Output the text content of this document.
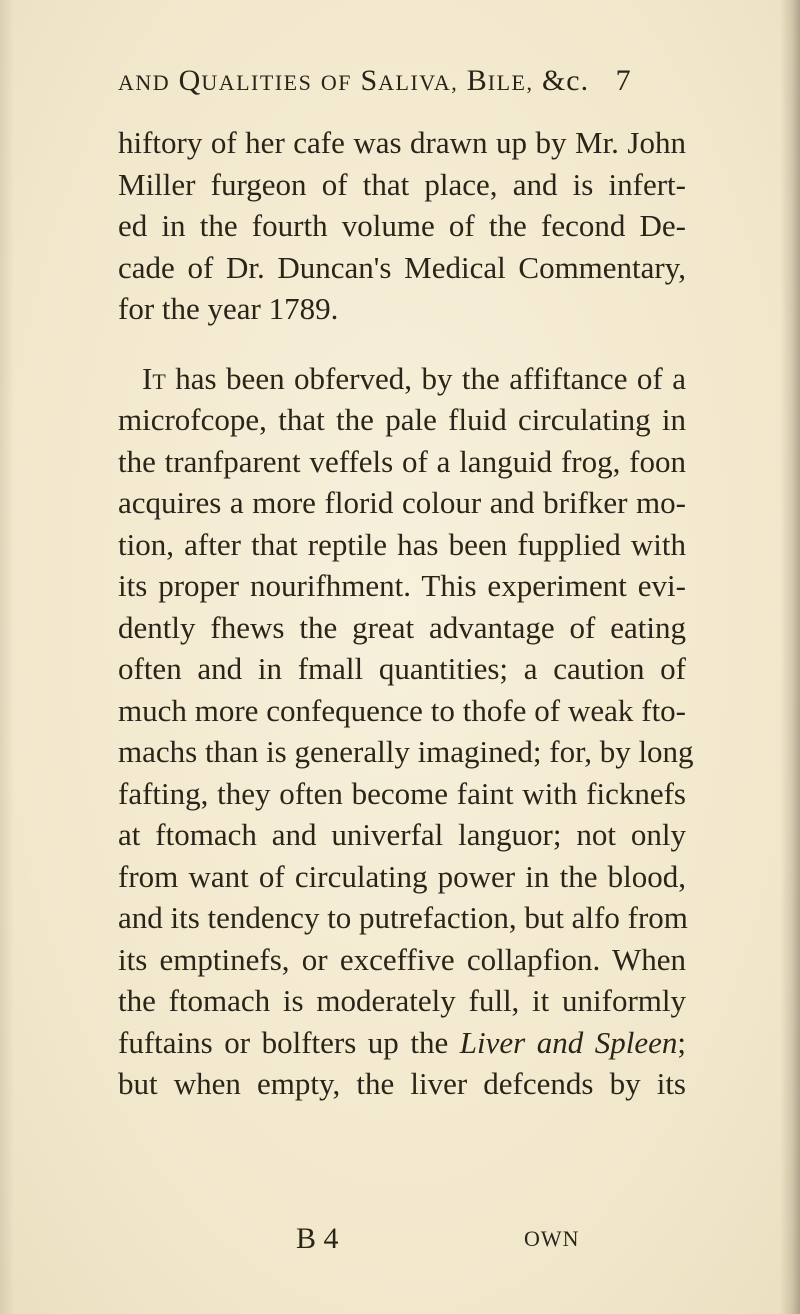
AND QUALITIES OF SALIVA, BILE, &c. 7
hiftory of her cafe was drawn up by Mr. John
Miller furgeon of that place, and is infert-
ed in the fourth volume of the fecond De-
cade of Dr. Duncan's Medical Commentary,
for the year 1789.
It has been obferved, by the affiftance of a
microfcope, that the pale fluid circulating in
the tranfparent veffels of a languid frog, foon
acquires a more florid colour and brifker mo-
tion, after that reptile has been fupplied with
its proper nourifhment. This experiment evi-
dently fhews the great advantage of eating
often and in fmall quantities; a caution of
much more confequence to thofe of weak fto-
machs than is generally imagined; for, by long
fafting, they often become faint with ficknefs
at ftomach and univerfal languor; not only
from want of circulating power in the blood,
and its tendency to putrefaction, but alfo from
its emptinefs, or exceffive collapfion. When
the ftomach is moderately full, it uniformly
fuftains or bolfters up the Liver and Spleen;
but when empty, the liver defcends by its
B 4	OWN
